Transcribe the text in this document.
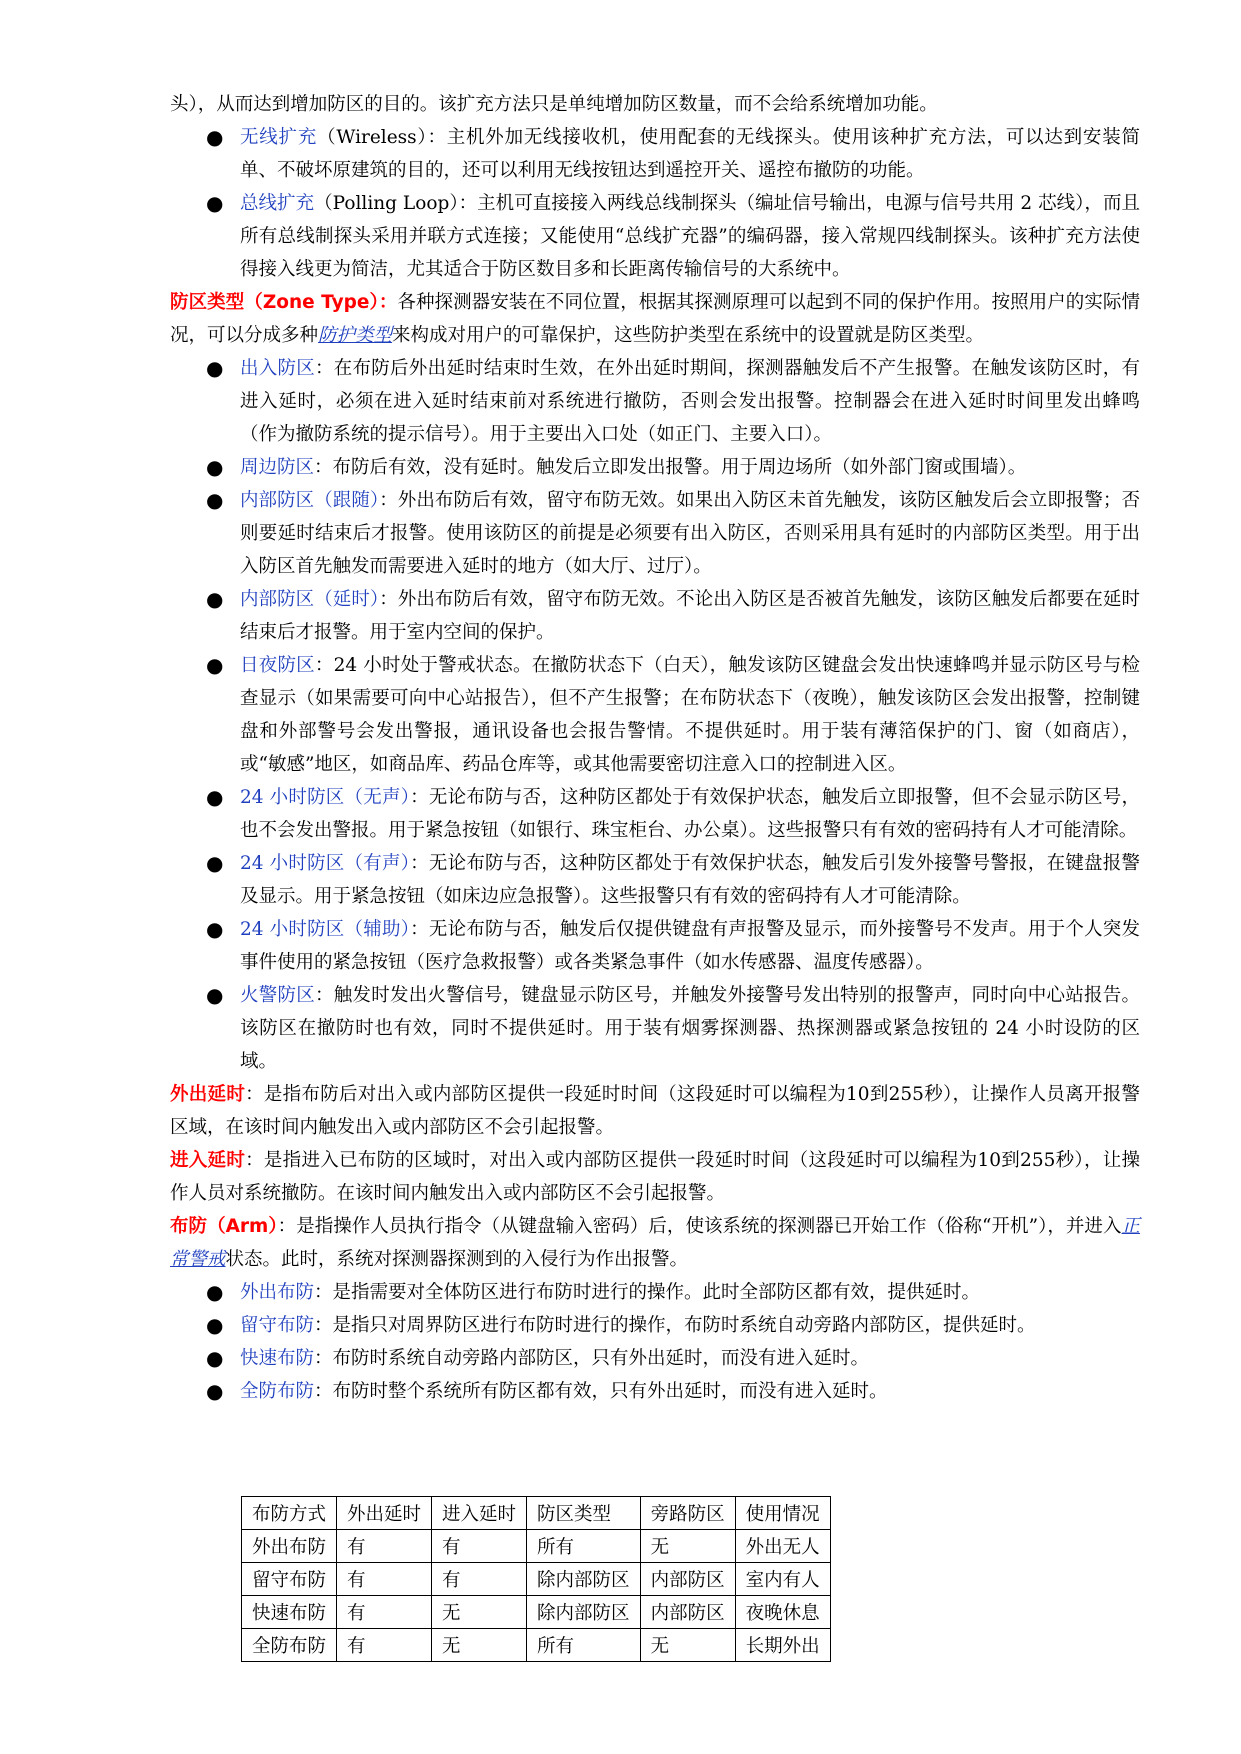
头），从而达到增加防区的目的。该扩充方法只是单纯增加防区数量，而不会给系统增加功能。

● 无线扩充（Wireless）：主机外加无线接收机，使用配套的无线探头。使用该种扩充方法，可以达到安装简单、不破坏原建筑的目的，还可以利用无线按钮达到遥控开关、遥控布撤防的功能。

● 总线扩充（Polling Loop）：主机可直接接入两线总线制探头（编址信号输出，电源与信号共用 2 芯线），而且所有总线制探头采用并联方式连接；又能使用“总线扩充器”的编码器，接入常规四线制探头。该种扩充方法使得接入线更为简洁，尤其适合于防区数目多和长距离传输信号的大系统中。

防区类型（Zone Type）：各种探测器安装在不同位置，根据其探测原理可以起到不同的保护作用。按照用户的实际情况，可以分成多种防护类型来构成对用户的可靠保护，这些防护类型在系统中的设置就是防区类型。

● 出入防区：在布防后外出延时结束时生效，在外出延时期间，探测器触发后不产生报警。在触发该防区时，有进入延时，必须在进入延时结束前对系统进行撤防，否则会发出报警。控制器会在进入延时时间里发出蜂鸣（作为撤防系统的提示信号）。用于主要出入口处（如正门、主要入口）。

● 周边防区：布防后有效，没有延时。触发后立即发出报警。用于周边场所（如外部门窗或围墙）。

● 内部防区（跟随）：外出布防后有效，留守布防无效。如果出入防区未首先触发，该防区触发后会立即报警；否则要延时结束后才报警。使用该防区的前提是必须要有出入防区，否则采用具有延时的内部防区类型。用于出入防区首先触发而需要进入延时的地方（如大厅、过厅）。

● 内部防区（延时）：外出布防后有效，留守布防无效。不论出入防区是否被首先触发，该防区触发后都要在延时结束后才报警。用于室内空间的保护。

● 日夜防区：24 小时处于警戒状态。在撤防状态下（白天），触发该防区键盘会发出快速蜂鸣并显示防区号与检查显示（如果需要可向中心站报告），但不产生报警；在布防状态下（夜晚），触发该防区会发出报警，控制键盘和外部警号会发出警报，通讯设备也会报告警情。不提供延时。用于装有薄箔保护的门、窗（如商店），或“敏感”地区，如商品库、药品仓库等，或其他需要密切注意入口的控制进入区。

● 24 小时防区（无声）：无论布防与否，这种防区都处于有效保护状态，触发后立即报警，但不会显示防区号，也不会发出警报。用于紧急按钮（如银行、珠宝柜台、办公桌）。这些报警只有有效的密码持有人才可能清除。

● 24 小时防区（有声）：无论布防与否，这种防区都处于有效保护状态，触发后引发外接警号警报，在键盘报警及显示。用于紧急按钮（如床边应急报警）。这些报警只有有效的密码持有人才可能清除。

● 24 小时防区（辅助）：无论布防与否，触发后仅提供键盘有声报警及显示，而外接警号不发声。用于个人突发事件使用的紧急按钮（医疗急救报警）或各类紧急事件（如水传感器、温度传感器）。

● 火警防区：触发时发出火警信号，键盘显示防区号，并触发外接警号发出特别的报警声，同时向中心站报告。该防区在撤防时也有效，同时不提供延时。用于装有烟雾探测器、热探测器或紧急按钮的 24 小时设防的区域。

外出延时：是指布防后对出入或内部防区提供一段延时时间（这段延时可以编程为10到255秒），让操作人员离开报警区域，在该时间内触发出入或内部防区不会引起报警。

进入延时：是指进入已布防的区域时，对出入或内部防区提供一段延时时间（这段延时可以编程为10到255秒），让操作人员对系统撤防。在该时间内触发出入或内部防区不会引起报警。

布防（Arm）：是指操作人员执行指令（从键盘输入密码）后，使该系统的探测器已开始工作（俗称“开机”），并进入正常警戒状态。此时，系统对探测器探测到的入侵行为作出报警。

● 外出布防：是指需要对全体防区进行布防时进行的操作。此时全部防区都有效，提供延时。

● 留守布防：是指只对周界防区进行布防时进行的操作，布防时系统自动旁路内部防区，提供延时。

● 快速布防：布防时系统自动旁路内部防区，只有外出延时，而没有进入延时。

● 全防布防：布防时整个系统所有防区都有效，只有外出延时，而没有进入延时。

布防方式	外出延时	进入延时	防区类型	旁路防区	使用情况
外出布防	有	有	所有	无	外出无人
留守布防	有	有	除内部防区	内部防区	室内有人
快速布防	有	无	除内部防区	内部防区	夜晚休息
全防布防	有	无	所有	无	长期外出
